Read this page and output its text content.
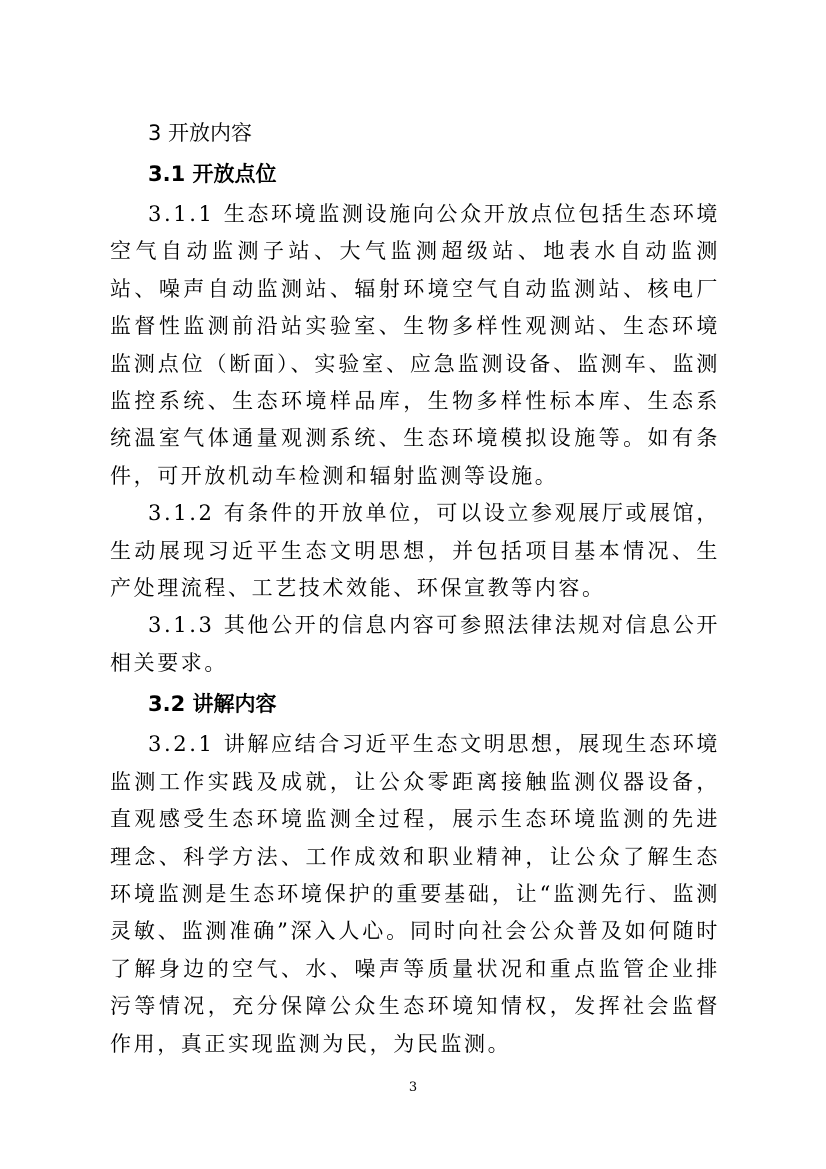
3 开放内容
3.1 开放点位

3.1.1 生态环境监测设施向公众开放点位包括生态环境空气自动监测子站、大气监测超级站、地表水自动监测站、噪声自动监测站、辐射环境空气自动监测站、核电厂监督性监测前沿站实验室、生物多样性观测站、生态环境监测点位（断面）、实验室、应急监测设备、监测车、监测监控系统、生态环境样品库，生物多样性标本库、生态系统温室气体通量观测系统、生态环境模拟设施等。如有条件，可开放机动车检测和辐射监测等设施。

3.1.2 有条件的开放单位，可以设立参观展厅或展馆，生动展现习近平生态文明思想，并包括项目基本情况、生产处理流程、工艺技术效能、环保宣教等内容。

3.1.3 其他公开的信息内容可参照法律法规对信息公开相关要求。

3.2 讲解内容

3.2.1 讲解应结合习近平生态文明思想，展现生态环境监测工作实践及成就，让公众零距离接触监测仪器设备，直观感受生态环境监测全过程，展示生态环境监测的先进理念、科学方法、工作成效和职业精神，让公众了解生态环境监测是生态环境保护的重要基础，让“监测先行、监测灵敏、监测准确”深入人心。同时向社会公众普及如何随时了解身边的空气、水、噪声等质量状况和重点监管企业排污等情况，充分保障公众生态环境知情权，发挥社会监督作用，真正实现监测为民，为民监测。

3
